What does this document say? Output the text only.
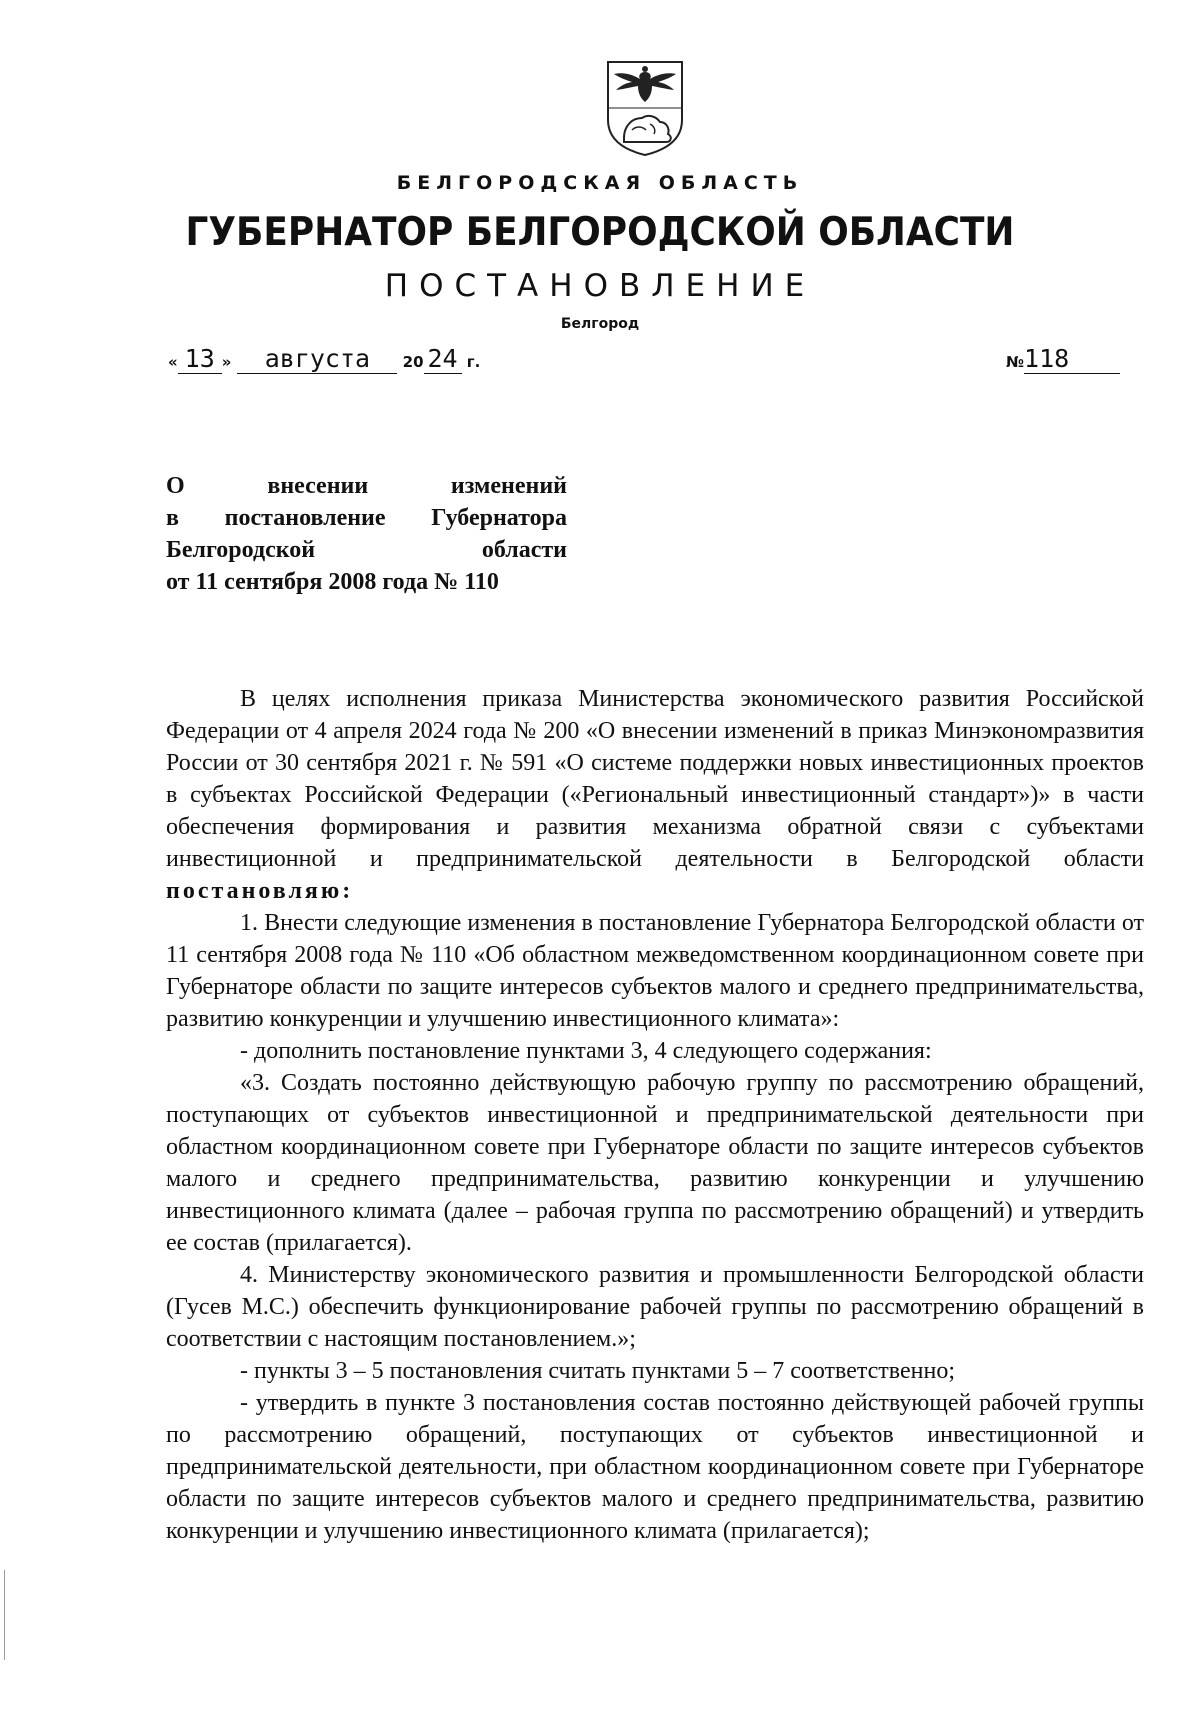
БЕЛГОРОДСКАЯ ОБЛАСТЬ
ГУБЕРНАТОР БЕЛГОРОДСКОЙ ОБЛАСТИ
ПОСТАНОВЛЕНИЕ
Белгород
« 13 » августа 20 24 г.	№118

О внесении изменений

в постановление Губернатора

Белгородской области

от 11 сентября 2008 года № 110

В целях исполнения приказа Министерства экономического развития Российской Федерации от 4 апреля 2024 года № 200 «О внесении изменений в приказ Минэкономразвития России от 30 сентября 2021 г. № 591 «О системе поддержки новых инвестиционных проектов в субъектах Российской Федерации («Региональный инвестиционный стандарт»)» в части обеспечения формирования и развития механизма обратной связи с субъектами инвестиционной и предпринимательской деятельности в Белгородской области постановляю:

1. Внести следующие изменения в постановление Губернатора Белгородской области от 11 сентября 2008 года № 110 «Об областном межведомственном координационном совете при Губернаторе области по защите интересов субъектов малого и среднего предпринимательства, развитию конкуренции и улучшению инвестиционного климата»:

- дополнить постановление пунктами 3, 4 следующего содержания:

«3. Создать постоянно действующую рабочую группу по рассмотрению обращений, поступающих от субъектов инвестиционной и предпринимательской деятельности при областном координационном совете при Губернаторе области по защите интересов субъектов малого и среднего предпринимательства, развитию конкуренции и улучшению инвестиционного климата (далее – рабочая группа по рассмотрению обращений) и утвердить ее состав (прилагается).

4. Министерству экономического развития и промышленности Белгородской области (Гусев М.С.) обеспечить функционирование рабочей группы по рассмотрению обращений в соответствии с настоящим постановлением.»;

- пункты 3 – 5 постановления считать пунктами 5 – 7 соответственно;

- утвердить в пункте 3 постановления состав постоянно действующей рабочей группы по рассмотрению обращений, поступающих от субъектов инвестиционной и предпринимательской деятельности, при областном координационном совете при Губернаторе области по защите интересов субъектов малого и среднего предпринимательства, развитию конкуренции и улучшению инвестиционного климата (прилагается);
